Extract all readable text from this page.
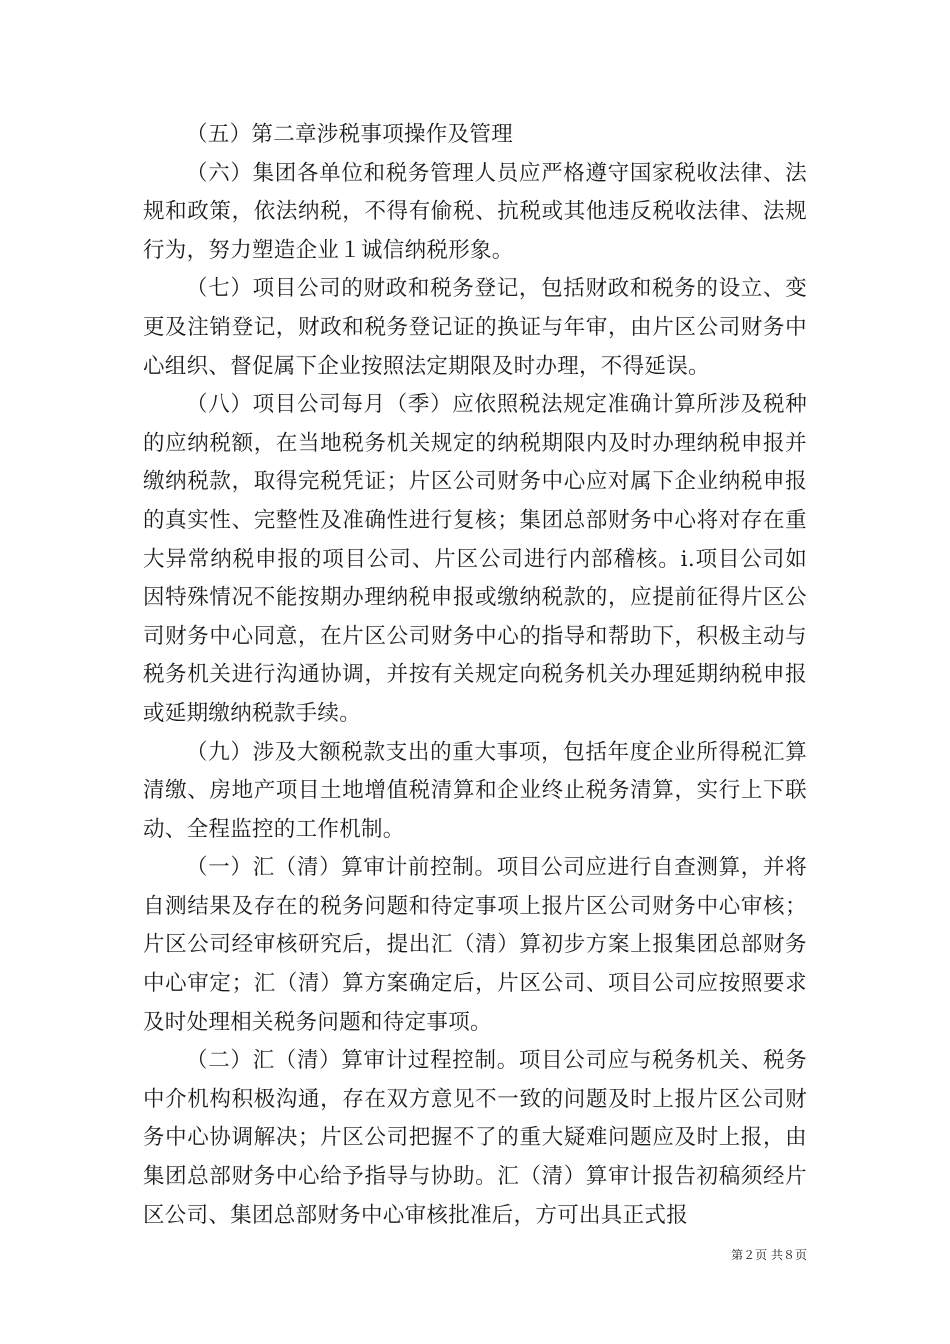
（五）第二章涉税事项操作及管理

（六）集团各单位和税务管理人员应严格遵守国家税收法律、法规和政策，依法纳税，不得有偷税、抗税或其他违反税收法律、法规行为，努力塑造企业１诚信纳税形象。

（七）项目公司的财政和税务登记，包括财政和税务的设立、变更及注销登记，财政和税务登记证的换证与年审，由片区公司财务中心组织、督促属下企业按照法定期限及时办理，不得延误。

（八）项目公司每月（季）应依照税法规定准确计算所涉及税种的应纳税额，在当地税务机关规定的纳税期限内及时办理纳税申报并缴纳税款，取得完税凭证；片区公司财务中心应对属下企业纳税申报的真实性、完整性及准确性进行复核；集团总部财务中心将对存在重大异常纳税申报的项目公司、片区公司进行内部稽核。i.项目公司如因特殊情况不能按期办理纳税申报或缴纳税款的，应提前征得片区公司财务中心同意，在片区公司财务中心的指导和帮助下，积极主动与税务机关进行沟通协调，并按有关规定向税务机关办理延期纳税申报或延期缴纳税款手续。

（九）涉及大额税款支出的重大事项，包括年度企业所得税汇算清缴、房地产项目土地增值税清算和企业终止税务清算，实行上下联动、全程监控的工作机制。

（一）汇（清）算审计前控制。项目公司应进行自查测算，并将自测结果及存在的税务问题和待定事项上报片区公司财务中心审核；片区公司经审核研究后，提出汇（清）算初步方案上报集团总部财务中心审定；汇（清）算方案确定后，片区公司、项目公司应按照要求及时处理相关税务问题和待定事项。

（二）汇（清）算审计过程控制。项目公司应与税务机关、税务中介机构积极沟通，存在双方意见不一致的问题及时上报片区公司财务中心协调解决；片区公司把握不了的重大疑难问题应及时上报，由集团总部财务中心给予指导与协助。汇（清）算审计报告初稿须经片区公司、集团总部财务中心审核批准后，方可出具正式报

第２页 共８页
